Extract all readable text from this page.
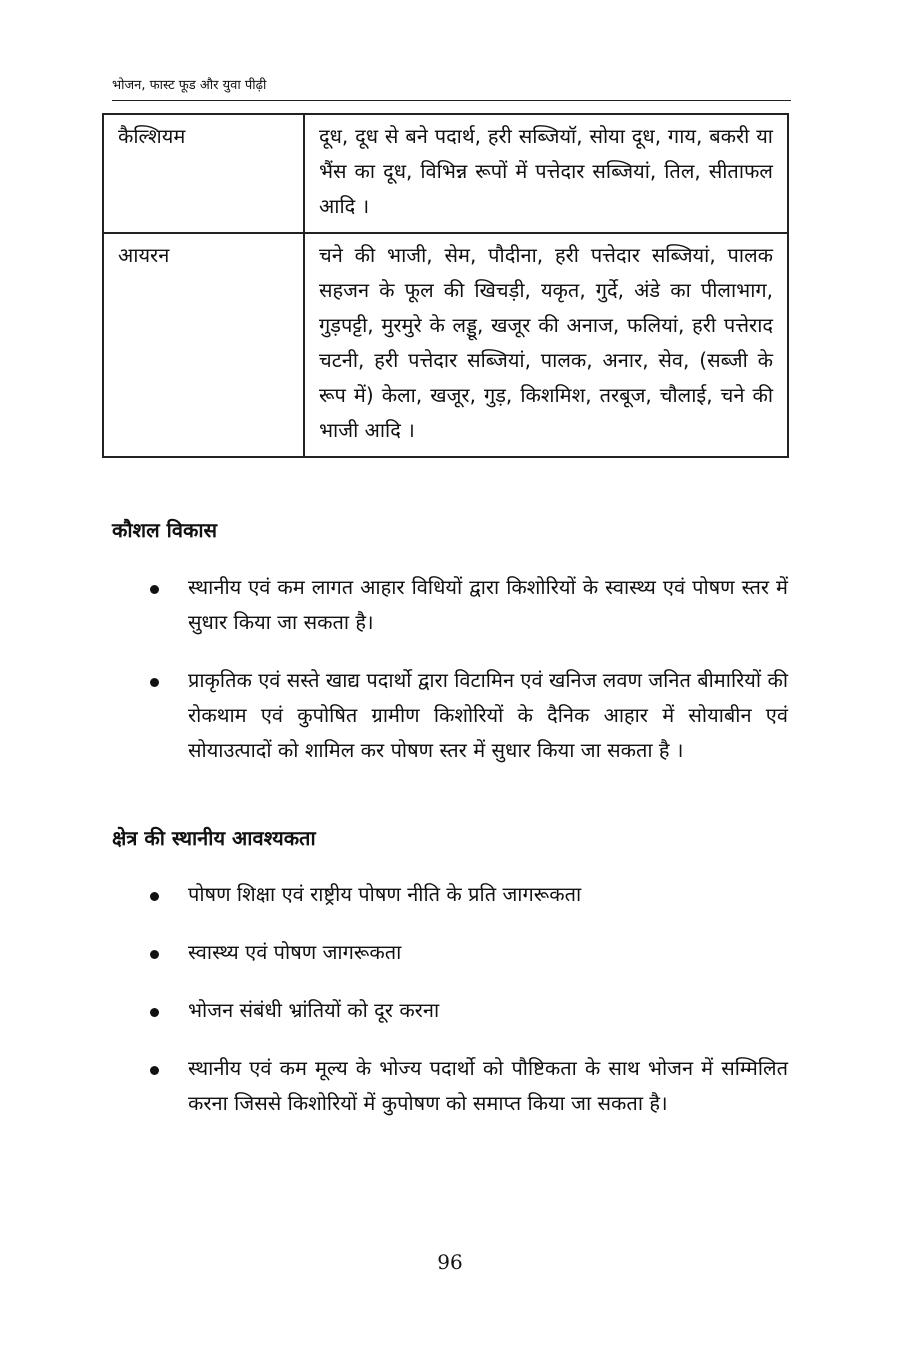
भोजन, फास्ट फूड और युवा पीढ़ी
कैल्शियम	दूध, दूध से बने पदार्थ, हरी सब्जियॉ, सोया दूध, गाय, बकरी या भैंस का दूध, विभिन्न रूपों में पत्तेदार सब्जियां, तिल, सीताफल आदि ।
आयरन	चने की भाजी, सेम, पौदीना, हरी पत्तेदार सब्जियां, पालक सहजन के फूल की खिचड़ी, यकृत, गुर्दे, अंडे का पीलाभाग, गुड़पट्टी, मुरमुरे के लड्डू, खजूर की अनाज, फलियां, हरी पत्तेराद चटनी, हरी पत्तेदार सब्जियां, पालक, अनार, सेव, (सब्जी के रूप में) केला, खजूर, गुड़, किशमिश, तरबूज, चौलाई, चने की भाजी आदि ।
कौशल विकास
स्थानीय एवं कम लागत आहार विधियों द्वारा किशोरियों के स्वास्थ्य एवं पोषण स्तर में सुधार किया जा सकता है।
प्राकृतिक एवं सस्ते खाद्य पदार्थो द्वारा विटामिन एवं खनिज लवण जनित बीमारियों की रोकथाम एवं कुपोषित ग्रामीण किशोरियों के दैनिक आहार में सोयाबीन एवं सोयाउत्पादों को शामिल कर पोषण स्तर में सुधार किया जा सकता है ।
क्षेत्र की स्थानीय आवश्यकता
पोषण शिक्षा एवं राष्ट्रीय पोषण नीति के प्रति जागरूकता
स्वास्थ्य एवं पोषण जागरूकता
भोजन संबंधी भ्रांतियों को दूर करना
स्थानीय एवं कम मूल्य के भोज्य पदार्थो को पौष्टिकता के साथ भोजन में सम्मिलित करना जिससे किशोरियों में कुपोषण को समाप्त किया जा सकता है।
96
